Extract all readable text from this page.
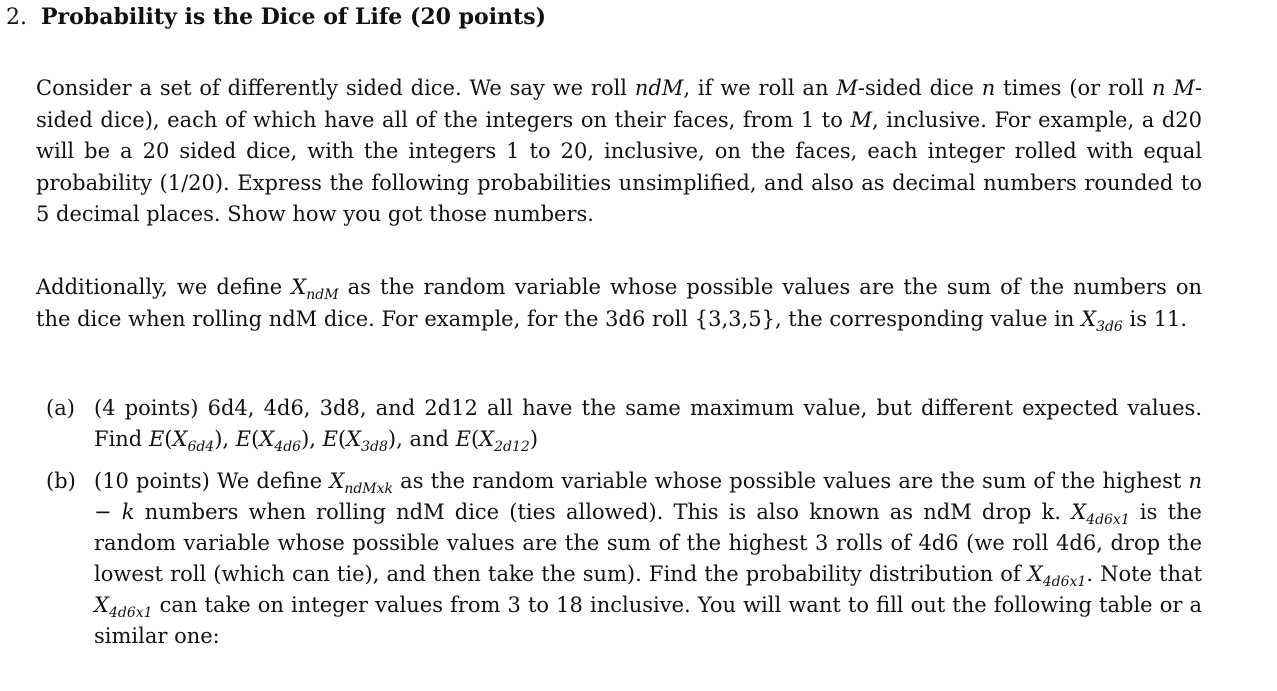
2. Probability is the Dice of Life (20 points)
Consider a set of differently sided dice. We say we roll ndM, if we roll an M-sided dice n times (or roll n M-sided dice), each of which have all of the integers on their faces, from 1 to M, inclusive. For example, a d20 will be a 20 sided dice, with the integers 1 to 20, inclusive, on the faces, each integer rolled with equal probability (1/20). Express the following probabilities unsimplified, and also as decimal numbers rounded to 5 decimal places. Show how you got those numbers.
Additionally, we define $X_{ndM}$ as the random variable whose possible values are the sum of the numbers on the dice when rolling ndM dice. For example, for the 3d6 roll {3,3,5}, the corresponding value in $X_{3d6}$ is 11.
(a) (4 points) 6d4, 4d6, 3d8, and 2d12 all have the same maximum value, but different expected values. Find $E(X_{6d4})$, $E(X_{4d6})$, $E(X_{3d8})$, and $E(X_{2d12})$
(b) (10 points) We define $X_{ndMxk}$ as the random variable whose possible values are the sum of the highest n − k numbers when rolling ndM dice (ties allowed). This is also known as ndM drop k. $X_{4d6x1}$ is the random variable whose possible values are the sum of the highest 3 rolls of 4d6 (we roll 4d6, drop the lowest roll (which can tie), and then take the sum). Find the probability distribution of $X_{4d6x1}$. Note that $X_{4d6x1}$ can take on integer values from 3 to 18 inclusive. You will want to fill out the following table or a similar one:
